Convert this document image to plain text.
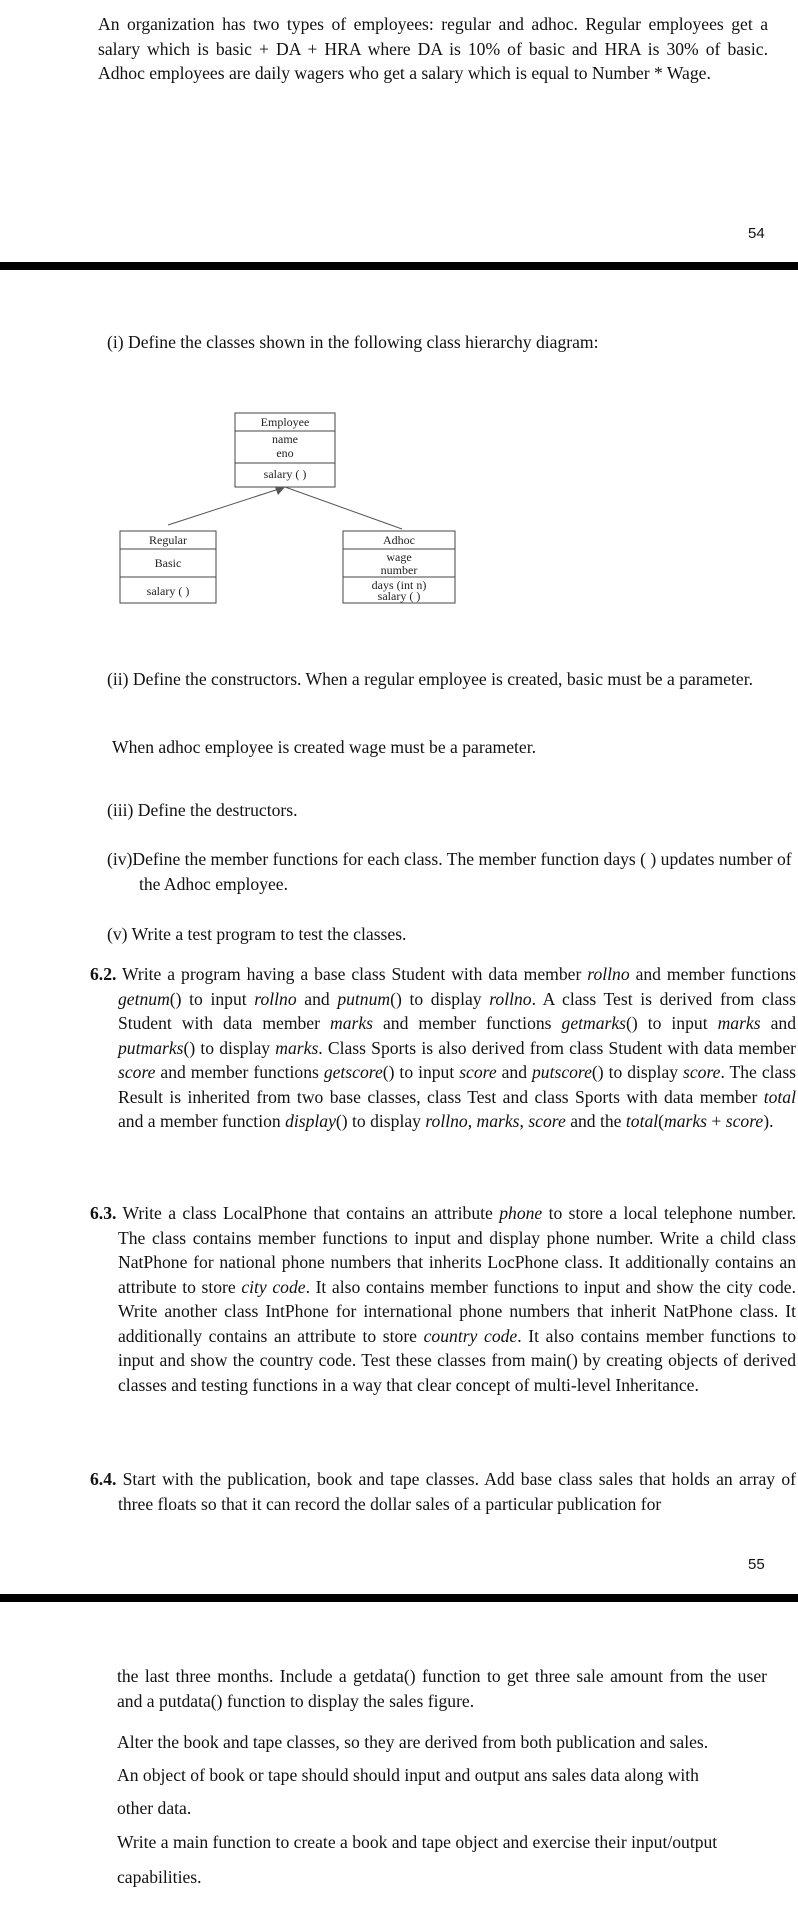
An organization has two types of employees: regular and adhoc. Regular employees get a salary which is basic + DA + HRA where DA is 10% of basic and HRA is 30% of basic. Adhoc employees are daily wagers who get a salary which is equal to Number * Wage.

54

(i) Define the classes shown in the following class hierarchy diagram:

Employee
name
eno
salary ( )
Regular
Basic
salary ( )
Adhoc
wage
number
days (int n)
salary ( )

(ii) Define the constructors. When a regular employee is created, basic must be a parameter.

When adhoc employee is created wage must be a parameter.

(iii) Define the destructors.

(iv)Define the member functions for each class. The member function days ( ) updates number of the Adhoc employee.

(v) Write a test program to test the classes.

6.2. Write a program having a base class Student with data member rollno and member functions getnum() to input rollno and putnum() to display rollno. A class Test is derived from class Student with data member marks and member functions getmarks() to input marks and putmarks() to display marks. Class Sports is also derived from class Student with data member score and member functions getscore() to input score and putscore() to display score. The class Result is inherited from two base classes, class Test and class Sports with data member total and a member function display() to display rollno, marks, score and the total(marks + score).

6.3. Write a class LocalPhone that contains an attribute phone to store a local telephone number. The class contains member functions to input and display phone number. Write a child class NatPhone for national phone numbers that inherits LocPhone class. It additionally contains an attribute to store city code. It also contains member functions to input and show the city code. Write another class IntPhone for international phone numbers that inherit NatPhone class. It additionally contains an attribute to store country code. It also contains member functions to input and show the country code. Test these classes from main() by creating objects of derived classes and testing functions in a way that clear concept of multi-level Inheritance.

6.4. Start with the publication, book and tape classes. Add base class sales that holds an array of three floats so that it can record the dollar sales of a particular publication for

55

the last three months. Include a getdata() function to get three sale amount from the user and a putdata() function to display the sales figure.

Alter the book and tape classes, so they are derived from both publication and sales.

An object of book or tape should should input and output ans sales data along with

other data.

Write a main function to create a book and tape object and exercise their input/output

capabilities.
